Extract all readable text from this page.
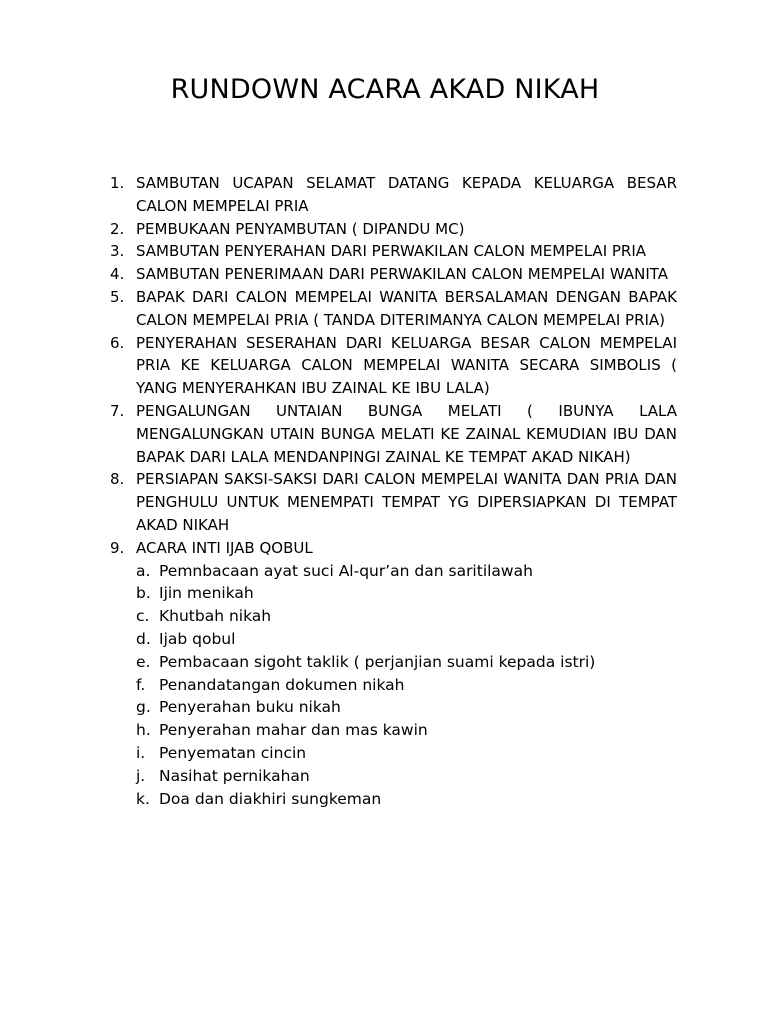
RUNDOWN ACARA AKAD NIKAH
1. SAMBUTAN UCAPAN SELAMAT DATANG KEPADA KELUARGA BESAR CALON MEMPELAI PRIA
2. PEMBUKAAN PENYAMBUTAN ( DIPANDU MC)
3. SAMBUTAN PENYERAHAN DARI PERWAKILAN CALON MEMPELAI PRIA
4. SAMBUTAN PENERIMAAN DARI PERWAKILAN CALON MEMPELAI WANITA
5. BAPAK DARI CALON MEMPELAI WANITA BERSALAMAN DENGAN BAPAK CALON MEMPELAI PRIA ( TANDA DITERIMANYA CALON MEMPELAI PRIA)
6. PENYERAHAN SESERAHAN DARI KELUARGA BESAR CALON MEMPELAI PRIA KE KELUARGA CALON MEMPELAI WANITA SECARA SIMBOLIS ( YANG MENYERAHKAN IBU ZAINAL KE IBU LALA)
7. PENGALUNGAN UNTAIAN BUNGA MELATI ( IBUNYA LALA MENGALUNGKAN UTAIN BUNGA MELATI KE ZAINAL KEMUDIAN IBU DAN BAPAK DARI LALA MENDANPINGI ZAINAL KE TEMPAT AKAD NIKAH)
8. PERSIAPAN SAKSI-SAKSI DARI CALON MEMPELAI WANITA DAN PRIA DAN PENGHULU UNTUK MENEMPATI TEMPAT YG DIPERSIAPKAN DI TEMPAT AKAD NIKAH
9. ACARA INTI IJAB QOBUL
a. Pemnbacaan ayat suci Al-qur’an dan saritilawah
b. Ijin menikah
c. Khutbah nikah
d. Ijab qobul
e. Pembacaan sigoht taklik ( perjanjian suami kepada istri)
f. Penandatangan dokumen nikah
g. Penyerahan buku nikah
h. Penyerahan mahar dan mas kawin
i. Penyematan cincin
j. Nasihat pernikahan
k. Doa dan diakhiri sungkeman
